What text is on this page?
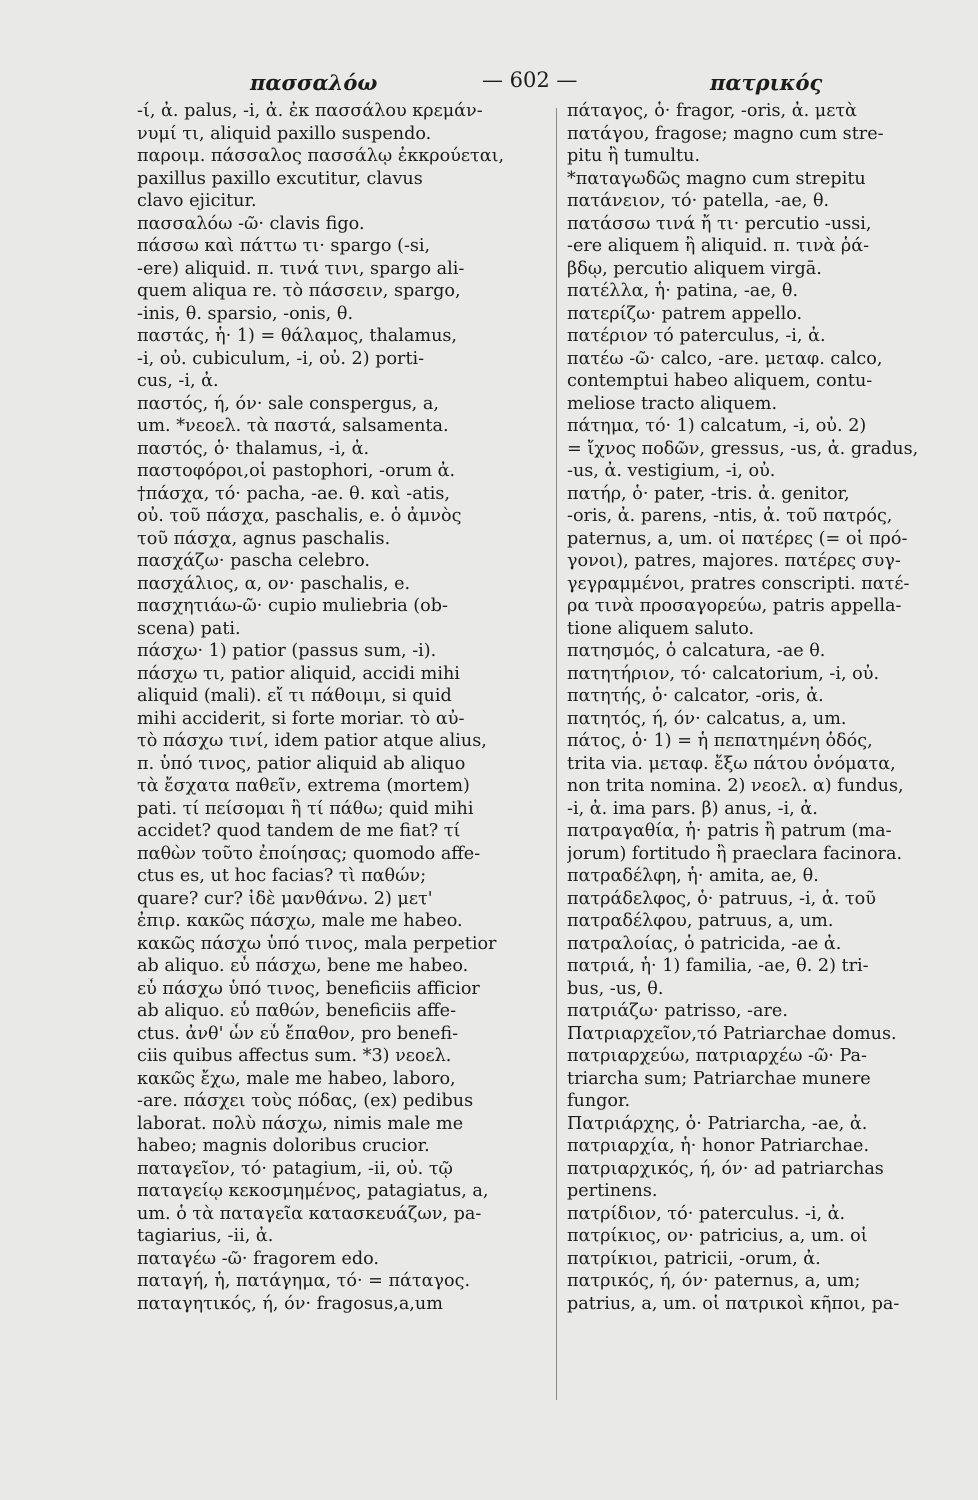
πασσαλόω	— 602 —	πατρικός
-ί, ἀ. palus, -i, ἀ. ἐκ πασσάλου κρεμάν-
νυμί τι, aliquid paxillo suspendo.
παροιμ. πάσσαλος πασσάλῳ ἐκκρούεται,
paxillus paxillo excutitur, clavus
clavo ejicitur.
πασσαλόω -ῶ· clavis figo.
πάσσω καὶ πάττω τι· spargo (-si,
-ere) aliquid. π. τινά τινι, spargo ali-
quem aliqua re. τὸ πάσσειν, spargo,
-inis, θ. sparsio, -onis, θ.
παστάς, ἡ· 1) = θάλαμος, thalamus,
-i, οὐ. cubiculum, -i, οὐ. 2) porti-
cus, -i, ἀ.
παστός, ή, όν· sale conspergus, a,
um. *νεοελ. τὰ παστά, salsamenta.
παστός, ὁ· thalamus, -i, ἀ.
παστοφόροι,οἱ pastophori, -orum ἀ.
†πάσχα, τό· pacha, -ae. θ. καὶ -atis,
οὐ. τοῦ πάσχα, paschalis, e. ὁ ἀμνὸς
τοῦ πάσχα, agnus paschalis.
πασχάζω· pascha celebro.
πασχάλιος, α, ον· paschalis, e.
πασχητιάω-ῶ· cupio muliebria (ob-
scena) pati.
πάσχω· 1) patior (passus sum, -i).
πάσχω τι, patior aliquid, accidi mihi
aliquid (mali). εἴ τι πάθοιμι, si quid
mihi acciderit, si forte moriar. τὸ αὐ-
τὸ πάσχω τινί, idem patior atque alius,
π. ὑπό τινος, patior aliquid ab aliquo
τὰ ἔσχατα παθεῖν, extrema (mortem)
pati. τί πείσομαι ἢ τί πάθω; quid mihi
accidet? quod tandem de me fiat? τί
παθὼν τοῦτο ἐποίησας; quomodo affe-
ctus es, ut hoc facias? τὶ παθών;
quare? cur? ἰδὲ μανθάνω. 2) μετ'
ἐπιρ. κακῶς πάσχω, male me habeo.
κακῶς πάσχω ὑπό τινος, mala perpetior
ab aliquo. εὖ πάσχω, bene me habeo.
εὖ πάσχω ὑπό τινος, beneficiis afficior
ab aliquo. εὖ παθών, beneficiis affe-
ctus. ἀνθ' ὧν εὖ ἔπαθον, pro benefi-
ciis quibus affectus sum. *3) νεοελ.
κακῶς ἔχω, male me habeo, laboro,
-are. πάσχει τοὺς πόδας, (ex) pedibus
laborat. πολὺ πάσχω, nimis male me
habeo; magnis doloribus crucior.
παταγεῖον, τό· patagium, -ii, οὐ. τῷ
παταγείῳ κεκοσμημένος, patagiatus, a,
um. ὁ τὰ παταγεῖα κατασκευάζων, pa-
tagiarius, -ii, ἀ.
παταγέω -ῶ· fragorem edo.
παταγή, ἡ, πατάγημα, τό· = πάταγος.
παταγητικός, ή, όν· fragosus,a,um
πάταγος, ὁ· fragor, -oris, ἀ. μετὰ
πατάγου, fragose; magno cum stre-
pitu ἢ tumultu.
*παταγωδῶς magno cum strepitu
πατάνειον, τό· patella, -ae, θ.
πατάσσω τινά ἤ τι· percutio -ussi,
-ere aliquem ἢ aliquid. π. τινὰ ῥά-
βδῳ, percutio aliquem virgā.
πατέλλα, ἡ· patina, -ae, θ.
πατερίζω· patrem appello.
πατέριον τό paterculus, -i, ἀ.
πατέω -ῶ· calco, -are. μεταφ. calco,
contemptui habeo aliquem, contu-
meliose tracto aliquem.
πάτημα, τό· 1) calcatum, -i, οὐ. 2)
= ἴχνος ποδῶν, gressus, -us, ἀ. gradus,
-us, ἀ. vestigium, -i, οὐ.
πατήρ, ὁ· pater, -tris. ἀ. genitor,
-oris, ἀ. parens, -ntis, ἀ. τοῦ πατρός,
paternus, a, um. οἱ πατέρες (= οἱ πρό-
γονοι), patres, majores. πατέρες συγ-
γεγραμμένοι, pratres conscripti. πατέ-
ρα τινὰ προσαγορεύω, patris appella-
tione aliquem saluto.
πατησμός, ὁ calcatura, -ae θ.
πατητήριον, τό· calcatorium, -i, οὐ.
πατητής, ὁ· calcator, -oris, ἀ.
πατητός, ή, όν· calcatus, a, um.
πάτος, ὁ· 1) = ἡ πεπατημένη ὁδός,
trita via. μεταφ. ἔξω πάτου ὀνόματα,
non trita nomina. 2) νεοελ. α) fundus,
-i, ἀ. ima pars. β) anus, -i, ἀ.
πατραγαθία, ἡ· patris ἢ patrum (ma-
jorum) fortitudo ἢ praeclara facinora.
πατραδέλφη, ἡ· amita, ae, θ.
πατράδελφος, ὁ· patruus, -i, ἀ. τοῦ
πατραδέλφου, patruus, a, um.
πατραλοίας, ὁ patricida, -ae ἀ.
πατριά, ἡ· 1) familia, -ae, θ. 2) tri-
bus, -us, θ.
πατριάζω· patrisso, -are.
Πατριαρχεῖον,τό Patriarchae domus.
πατριαρχεύω, πατριαρχέω -ῶ· Pa-
triarcha sum; Patriarchae munere
fungor.
Πατριάρχης, ὁ· Patriarcha, -ae, ἀ.
πατριαρχία, ἡ· honor Patriarchae.
πατριαρχικός, ή, όν· ad patriarchas
pertinens.
πατρίδιον, τό· paterculus. -i, ἀ.
πατρίκιος, ον· patricius, a, um. οἱ
πατρίκιοι, patricii, -orum, ἀ.
πατρικός, ή, όν· paternus, a, um;
patrius, a, um. οἱ πατρικοὶ κῆποι, pa-
